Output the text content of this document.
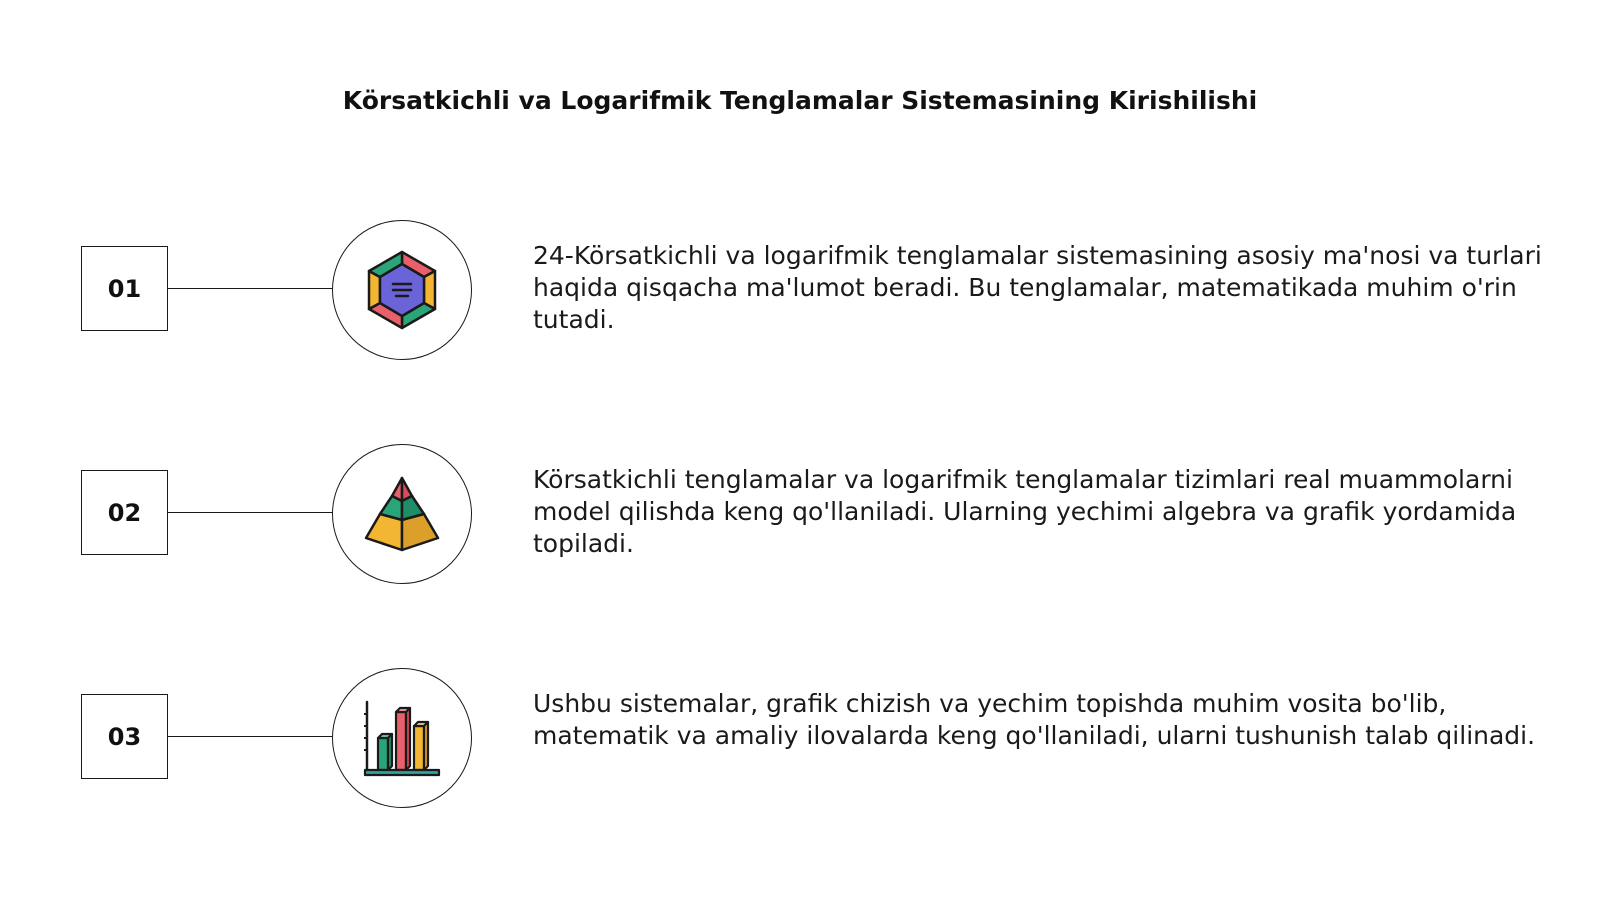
Körsatkichli va Logarifmik Tenglamalar Sistemasining Kirishilishi
01
24-Körsatkichli va logarifmik tenglamalar sistemasining asosiy ma'nosi va turlari haqida qisqacha ma'lumot beradi. Bu tenglamalar, matematikada muhim o'rin tutadi.
02
Körsatkichli tenglamalar va logarifmik tenglamalar tizimlari real muammolarni model qilishda keng qo'llaniladi. Ularning yechimi algebra va grafik yordamida topiladi.
03
Ushbu sistemalar, grafik chizish va yechim topishda muhim vosita bo'lib, matematik va amaliy ilovalarda keng qo'llaniladi, ularni tushunish talab qilinadi.
